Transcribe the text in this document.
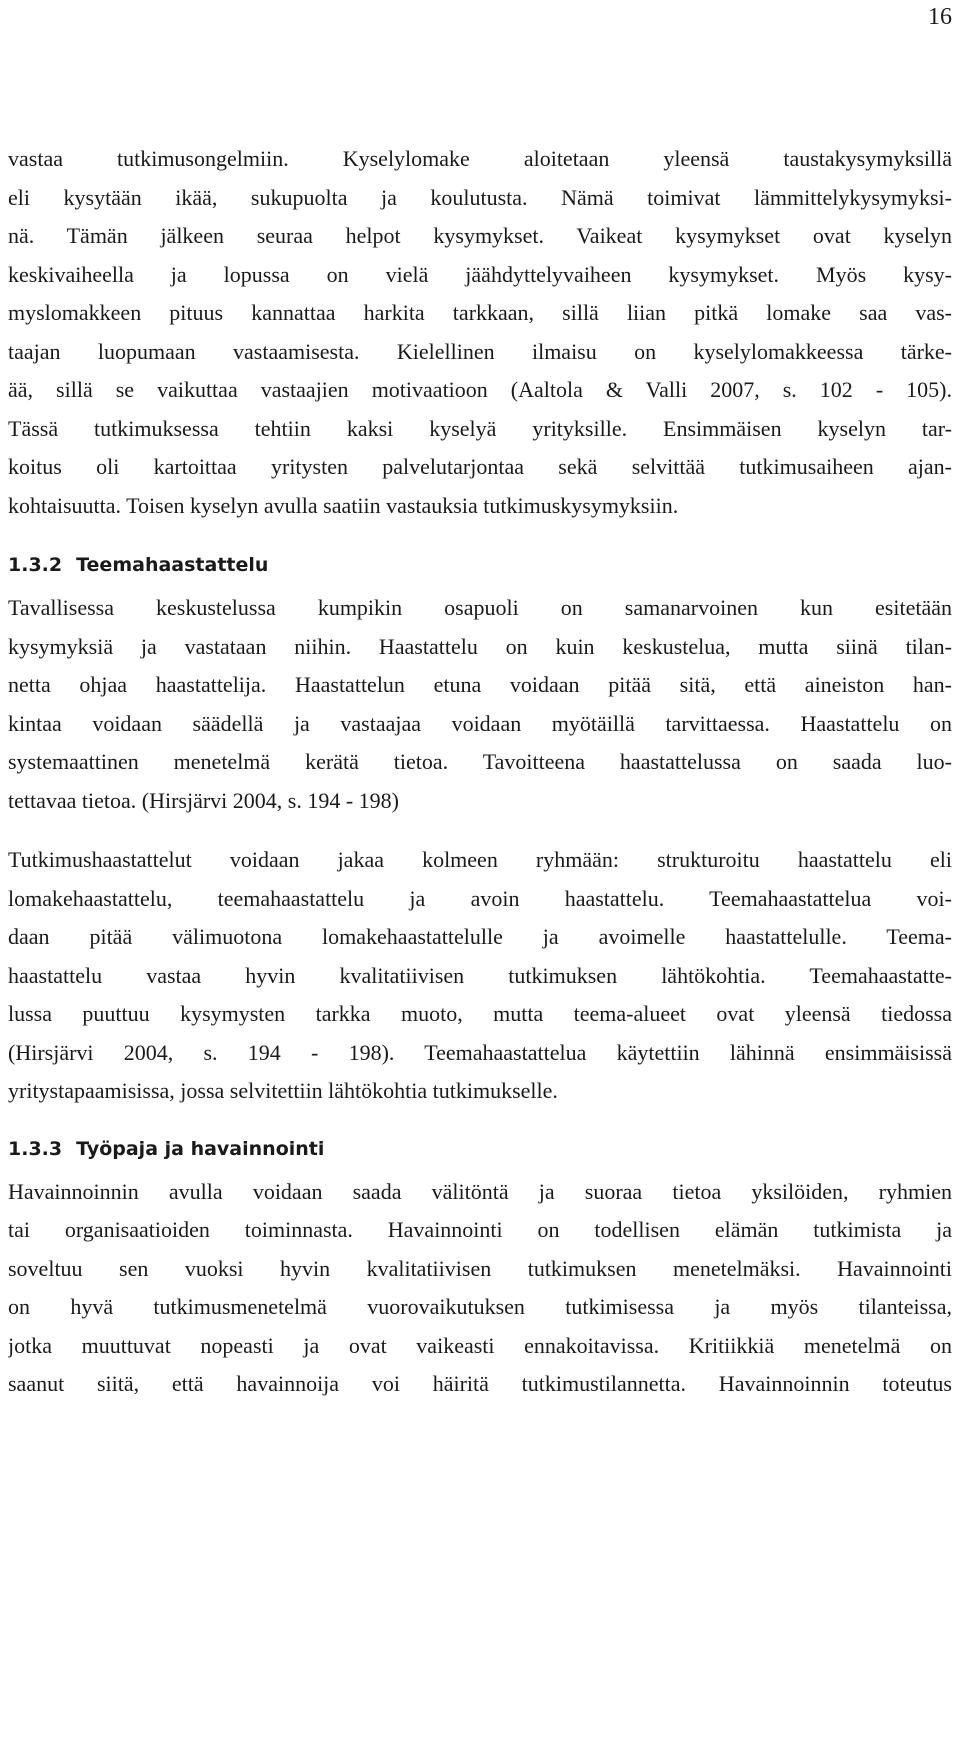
16

vastaa tutkimusongelmiin. Kyselylomake aloitetaan yleensä taustakysymyksillä
eli kysytään ikää, sukupuolta ja koulutusta. Nämä toimivat lämmittelykysymyksi-
nä. Tämän jälkeen seuraa helpot kysymykset. Vaikeat kysymykset ovat kyselyn
keskivaiheella ja lopussa on vielä jäähdyttelyvaiheen kysymykset. Myös kysy-
myslomakkeen pituus kannattaa harkita tarkkaan, sillä liian pitkä lomake saa vas-
taajan luopumaan vastaamisesta. Kielellinen ilmaisu on kyselylomakkeessa tärke-
ää, sillä se vaikuttaa vastaajien motivaatioon (Aaltola & Valli 2007, s. 102 - 105).
Tässä tutkimuksessa tehtiin kaksi kyselyä yrityksille. Ensimmäisen kyselyn tar-
koitus oli kartoittaa yritysten palvelutarjontaa sekä selvittää tutkimusaiheen ajan-
kohtaisuutta. Toisen kyselyn avulla saatiin vastauksia tutkimuskysymyksiin.

1.3.2 Teemahaastattelu

Tavallisessa keskustelussa kumpikin osapuoli on samanarvoinen kun esitetään
kysymyksiä ja vastataan niihin. Haastattelu on kuin keskustelua, mutta siinä tilan-
netta ohjaa haastattelija. Haastattelun etuna voidaan pitää sitä, että aineiston han-
kintaa voidaan säädellä ja vastaajaa voidaan myötäillä tarvittaessa. Haastattelu on
systemaattinen menetelmä kerätä tietoa. Tavoitteena haastattelussa on saada luo-
tettavaa tietoa. (Hirsjärvi 2004, s. 194 - 198)

Tutkimushaastattelut voidaan jakaa kolmeen ryhmään: strukturoitu haastattelu eli
lomakehaastattelu, teemahaastattelu ja avoin haastattelu. Teemahaastattelua voi-
daan pitää välimuotona lomakehaastattelulle ja avoimelle haastattelulle. Teema-
haastattelu vastaa hyvin kvalitatiivisen tutkimuksen lähtökohtia. Teemahaastatte-
lussa puuttuu kysymysten tarkka muoto, mutta teema-alueet ovat yleensä tiedossa
(Hirsjärvi 2004, s. 194 - 198). Teemahaastattelua käytettiin lähinnä ensimmäisissä
yritystapaamisissa, jossa selvitettiin lähtökohtia tutkimukselle.

1.3.3 Työpaja ja havainnointi

Havainnoinnin avulla voidaan saada välitöntä ja suoraa tietoa yksilöiden, ryhmien
tai organisaatioiden toiminnasta. Havainnointi on todellisen elämän tutkimista ja
soveltuu sen vuoksi hyvin kvalitatiivisen tutkimuksen menetelmäksi. Havainnointi
on hyvä tutkimusmenetelmä vuorovaikutuksen tutkimisessa ja myös tilanteissa,
jotka muuttuvat nopeasti ja ovat vaikeasti ennakoitavissa. Kritiikkiä menetelmä on
saanut siitä, että havainnoija voi häiritä tutkimustilannetta. Havainnoinnin toteutus
